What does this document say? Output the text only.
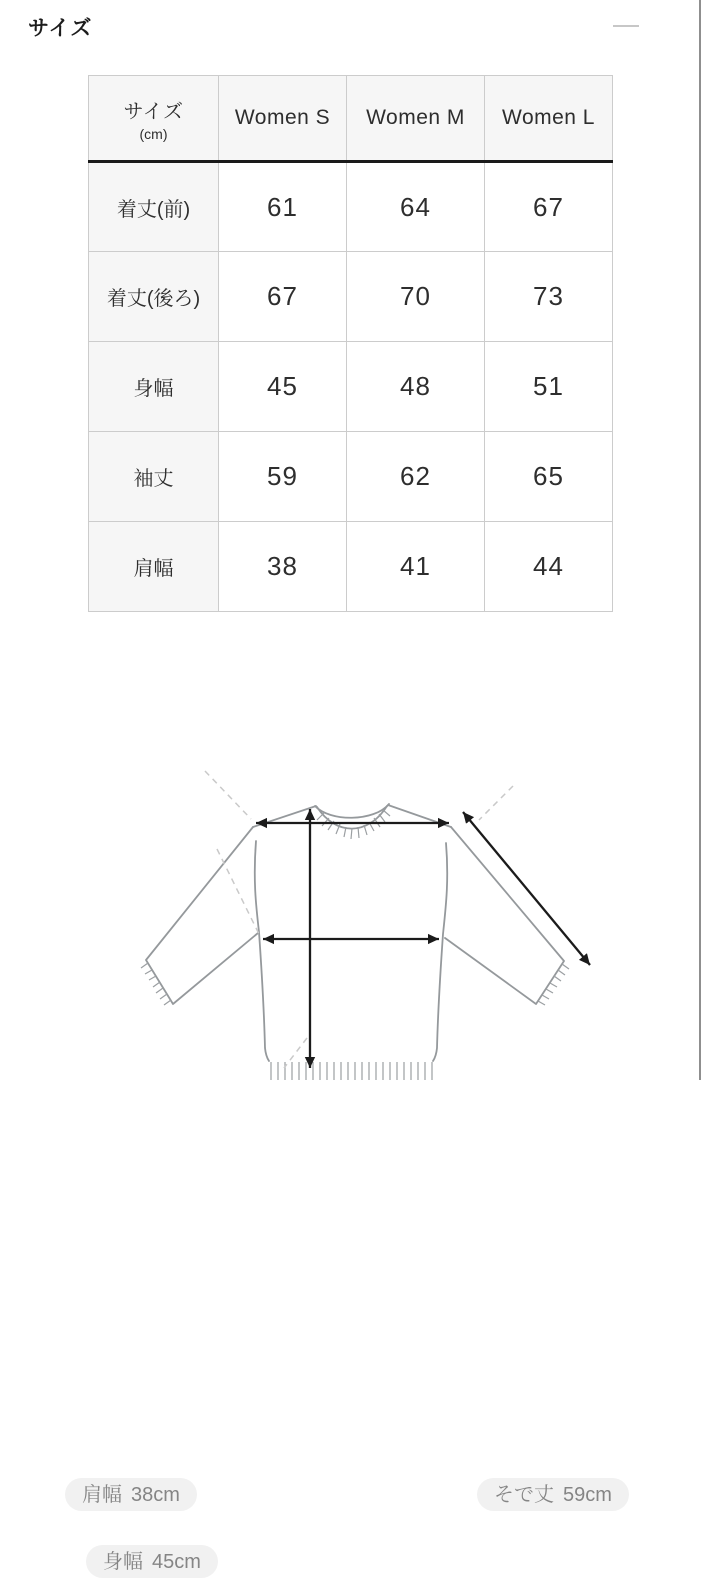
サイズ
サイズ
(cm)	Women S	Women M	Women L
着丈(前)	61	64	67
着丈(後ろ)	67	70	73
身幅	45	48	51
袖丈	59	62	65
肩幅	38	41	44
肩幅 38cm
身幅 45cm
そで丈 59cm
